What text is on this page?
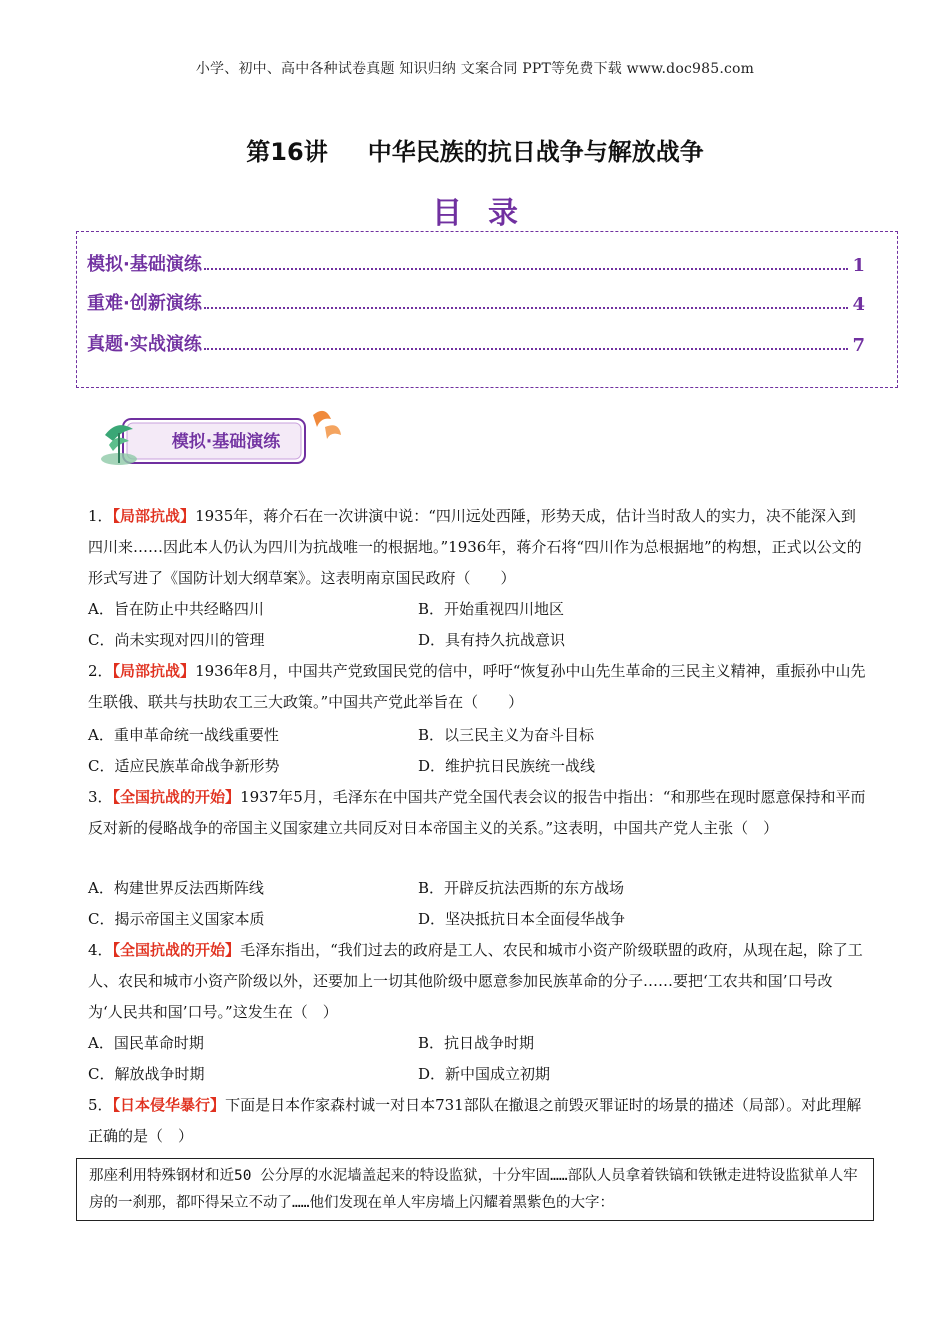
小学、初中、高中各种试卷真题 知识归纳 文案合同 PPT等免费下载 www.doc985.com
第16讲 中华民族的抗日战争与解放战争
目录
模拟·基础演练	1
重难·创新演练	4
真题·实战演练	7
模拟·基础演练
1．【局部抗战】1935年，蒋介石在一次讲演中说：“四川远处西陲，形势天成，估计当时敌人的实力，决不能深入到四川来……因此本人仍认为四川为抗战唯一的根据地。”1936年，蒋介石将“四川作为总根据地”的构想，正式以公文的形式写进了《国防计划大纲草案》。这表明南京国民政府（　　）
A．旨在防止中共经略四川	B．开始重视四川地区
C．尚未实现对四川的管理	D．具有持久抗战意识
2．【局部抗战】1936年8月，中国共产党致国民党的信中，呼吁“恢复孙中山先生革命的三民主义精神，重振孙中山先生联俄、联共与扶助农工三大政策。”中国共产党此举旨在（　　）
A．重申革命统一战线重要性	B．以三民主义为奋斗目标
C．适应民族革命战争新形势	D．维护抗日民族统一战线
3．【全国抗战的开始】1937年5月，毛泽东在中国共产党全国代表会议的报告中指出：“和那些在现时愿意保持和平而反对新的侵略战争的帝国主义国家建立共同反对日本帝国主义的关系。”这表明，中国共产党人主张（　）
A．构建世界反法西斯阵线	B．开辟反抗法西斯的东方战场
C．揭示帝国主义国家本质	D．坚决抵抗日本全面侵华战争
4．【全国抗战的开始】毛泽东指出，“我们过去的政府是工人、农民和城市小资产阶级联盟的政府，从现在起，除了工人、农民和城市小资产阶级以外，还要加上一切其他阶级中愿意参加民族革命的分子……要把‘工农共和国’口号改为‘人民共和国’口号。”这发生在（　）
A．国民革命时期	B．抗日战争时期
C．解放战争时期	D．新中国成立初期
5．【日本侵华暴行】下面是日本作家森村诚一对日本731部队在撤退之前毁灭罪证时的场景的描述（局部）。对此理解正确的是（　）
那座利用特殊钢材和近50 公分厚的水泥墙盖起来的特设监狱，十分牢固……部队人员拿着铁镐和铁锹走进特设监狱单人牢房的一刹那，都吓得呆立不动了……他们发现在单人牢房墙上闪耀着黑紫色的大字：
